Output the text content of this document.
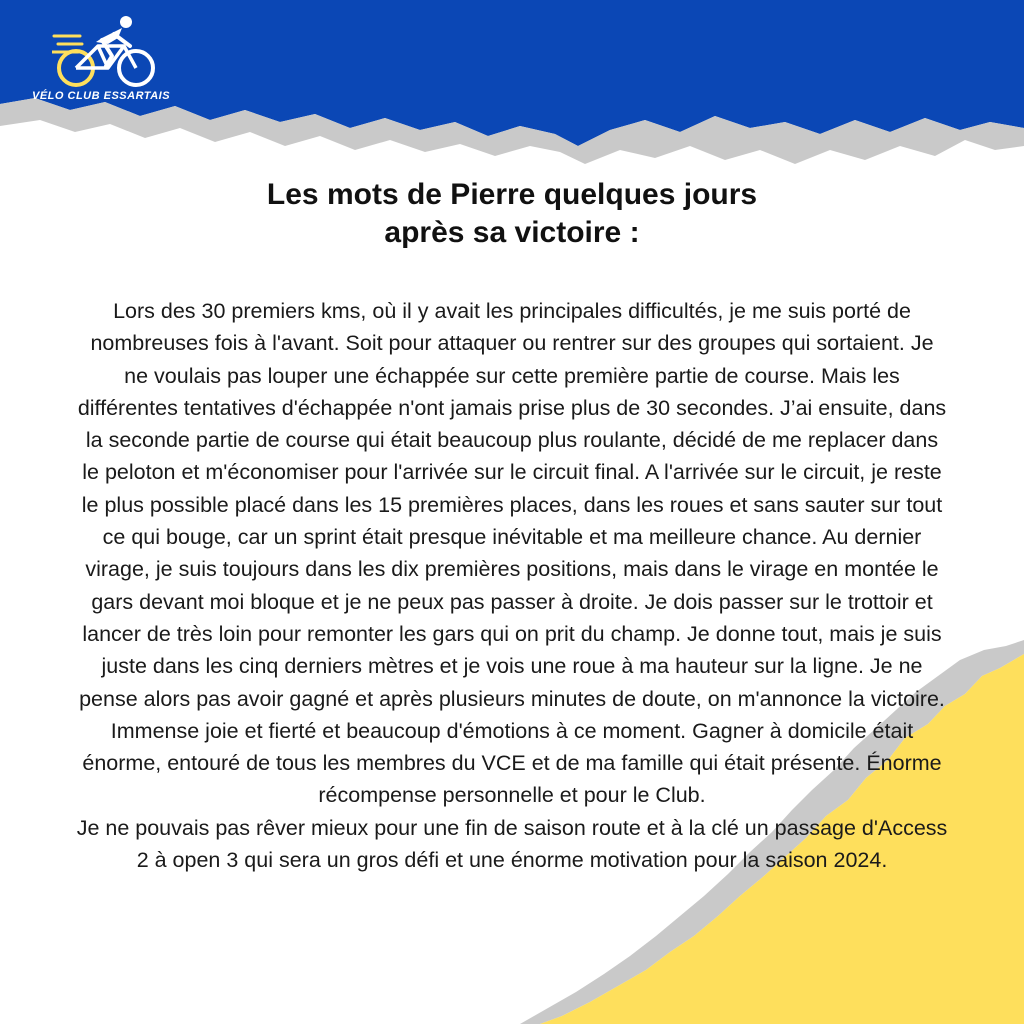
VÉLO CLUB ESSARTAIS
Les mots de Pierre quelques jours
après sa victoire :

Lors des 30 premiers kms, où il y avait les principales difficultés, je me suis porté de nombreuses fois à l'avant. Soit pour attaquer ou rentrer sur des groupes qui sortaient. Je ne voulais pas louper une échappée sur cette première partie de course. Mais les différentes tentatives d'échappée n'ont jamais prise plus de 30 secondes. J’ai ensuite, dans la seconde partie de course qui était beaucoup plus roulante, décidé de me replacer dans le peloton et m'économiser pour l'arrivée sur le circuit final. A l'arrivée sur le circuit, je reste le plus possible placé dans les 15 premières places, dans les roues et sans sauter sur tout ce qui bouge, car un sprint était presque inévitable et ma meilleure chance. Au dernier virage, je suis toujours dans les dix premières positions, mais dans le virage en montée le gars devant moi bloque et je ne peux pas passer à droite. Je dois passer sur le trottoir et lancer de très loin pour remonter les gars qui on prit du champ. Je donne tout, mais je suis juste dans les cinq derniers mètres et je vois une roue à ma hauteur sur la ligne. Je ne pense alors pas avoir gagné et après plusieurs minutes de doute, on m'annonce la victoire. Immense joie et fierté et beaucoup d'émotions à ce moment. Gagner à domicile était énorme, entouré de tous les membres du VCE et de ma famille qui était présente. Énorme récompense personnelle et pour le Club.

Je ne pouvais pas rêver mieux pour une fin de saison route et à la clé un passage d'Access 2 à open 3 qui sera un gros défi et une énorme motivation pour la saison 2024.
